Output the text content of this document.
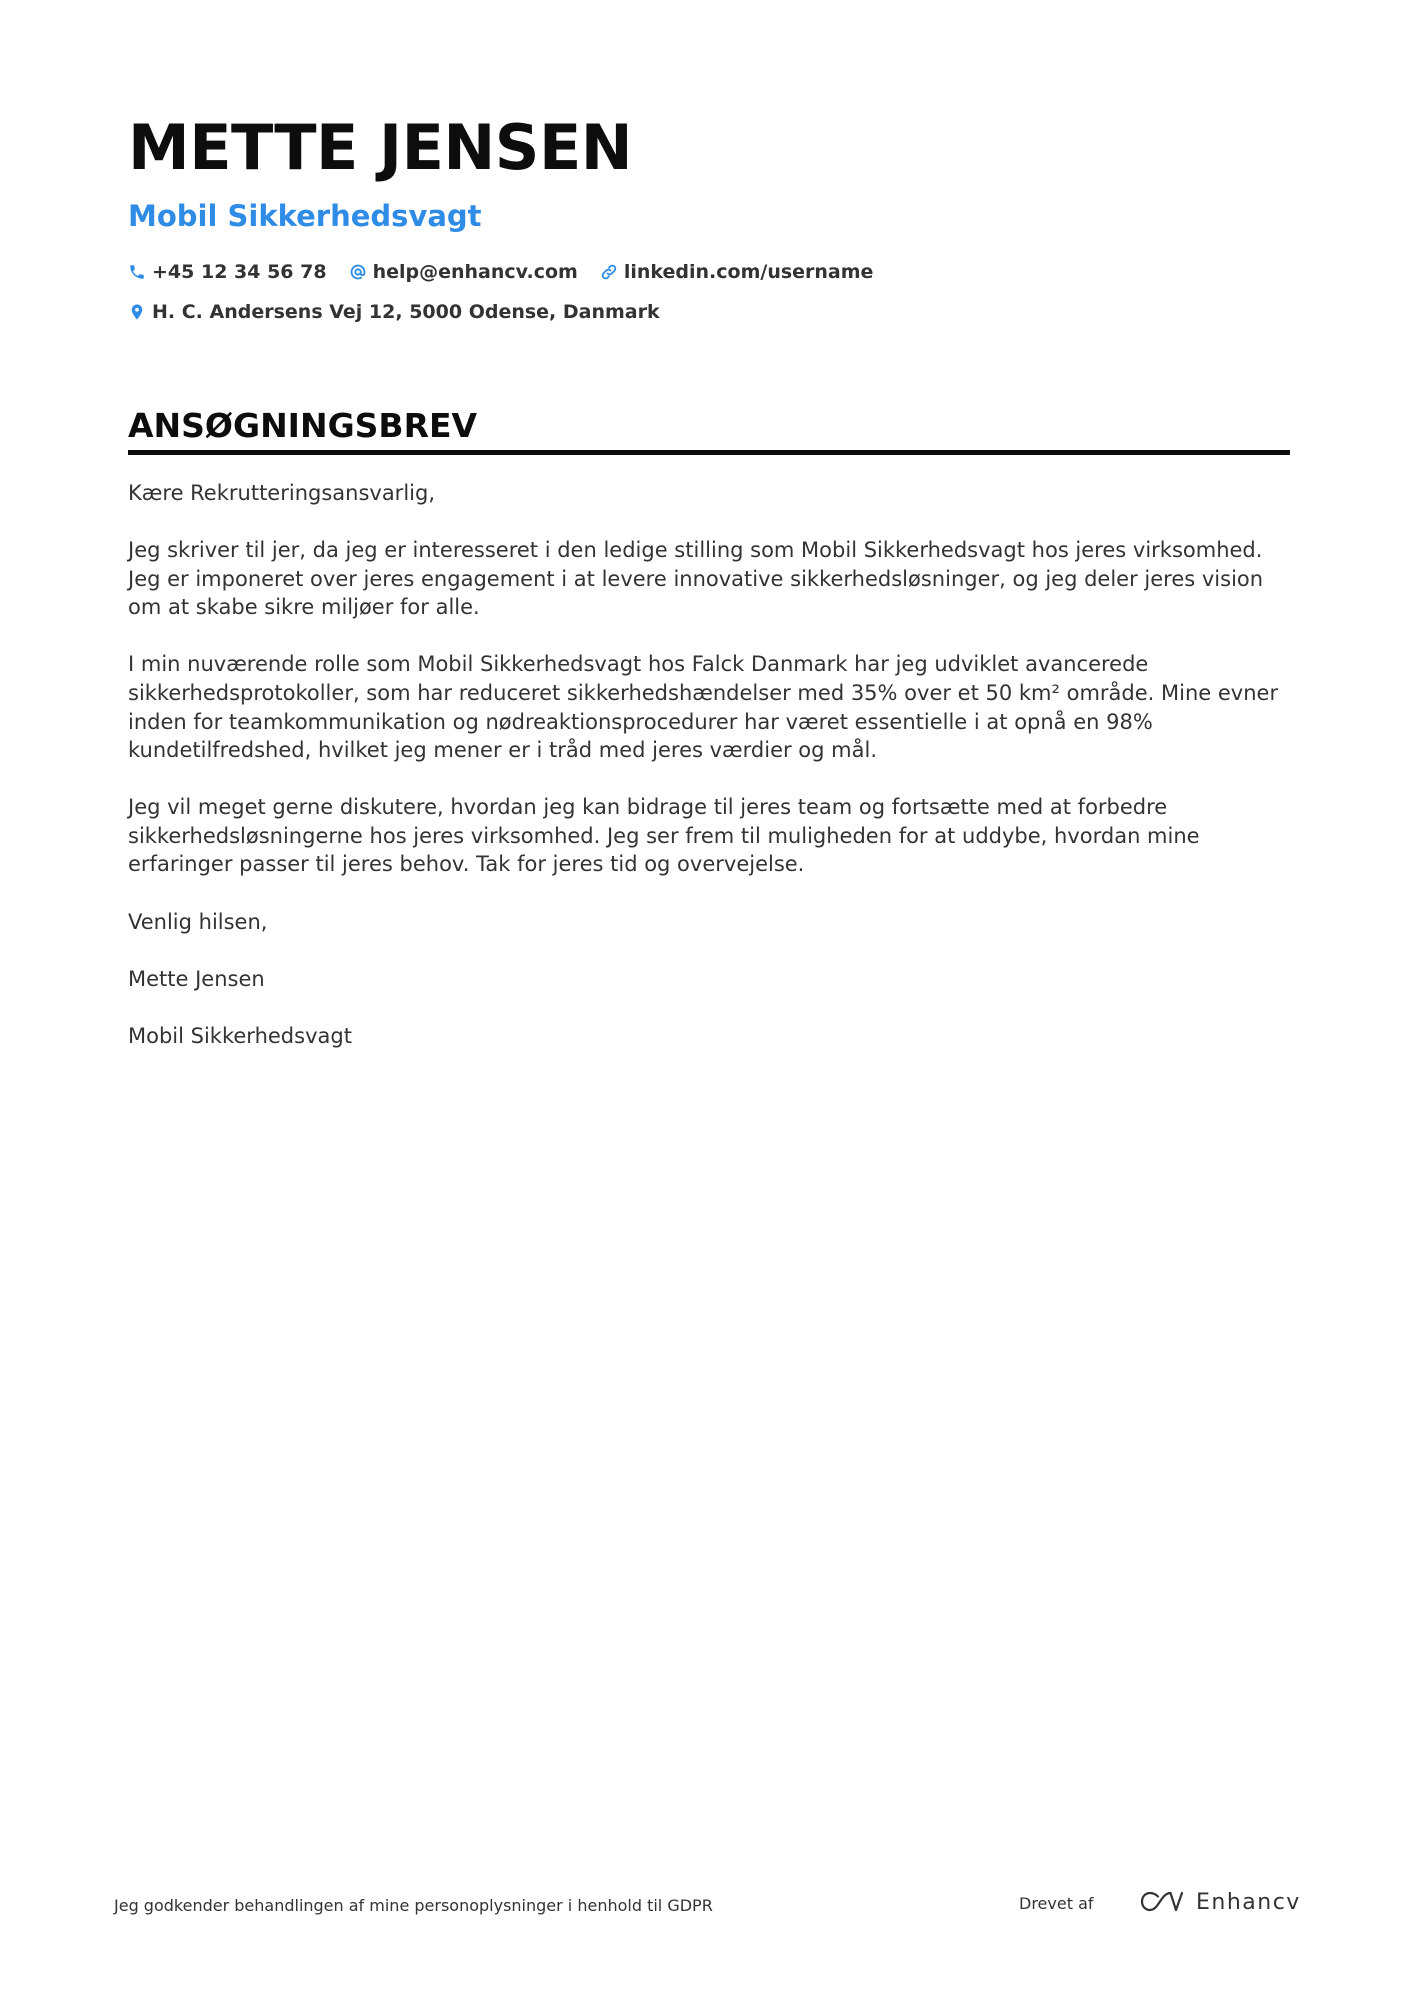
METTE JENSEN
Mobil Sikkerhedsvagt
+45 12 34 56 78 help@enhancv.com linkedin.com/username
H. C. Andersens Vej 12, 5000 Odense, Danmark
ANSØGNINGSBREV

Kære Rekrutteringsansvarlig,

Jeg skriver til jer, da jeg er interesseret i den ledige stilling som Mobil Sikkerhedsvagt hos jeres virksomhed. Jeg er imponeret over jeres engagement i at levere innovative sikkerhedsløsninger, og jeg deler jeres vision om at skabe sikre miljøer for alle.

I min nuværende rolle som Mobil Sikkerhedsvagt hos Falck Danmark har jeg udviklet avancerede sikkerhedsprotokoller, som har reduceret sikkerhedshændelser med 35% over et 50 km² område. Mine evner inden for teamkommunikation og nødreaktionsprocedurer har været essentielle i at opnå en 98% kundetilfredshed, hvilket jeg mener er i tråd med jeres værdier og mål.

Jeg vil meget gerne diskutere, hvordan jeg kan bidrage til jeres team og fortsætte med at forbedre sikkerhedsløsningerne hos jeres virksomhed. Jeg ser frem til muligheden for at uddybe, hvordan mine erfaringer passer til jeres behov. Tak for jeres tid og overvejelse.

Venlig hilsen,

Mette Jensen

Mobil Sikkerhedsvagt

Jeg godkender behandlingen af mine personoplysninger i henhold til GDPR	Drevet af	Enhancv
